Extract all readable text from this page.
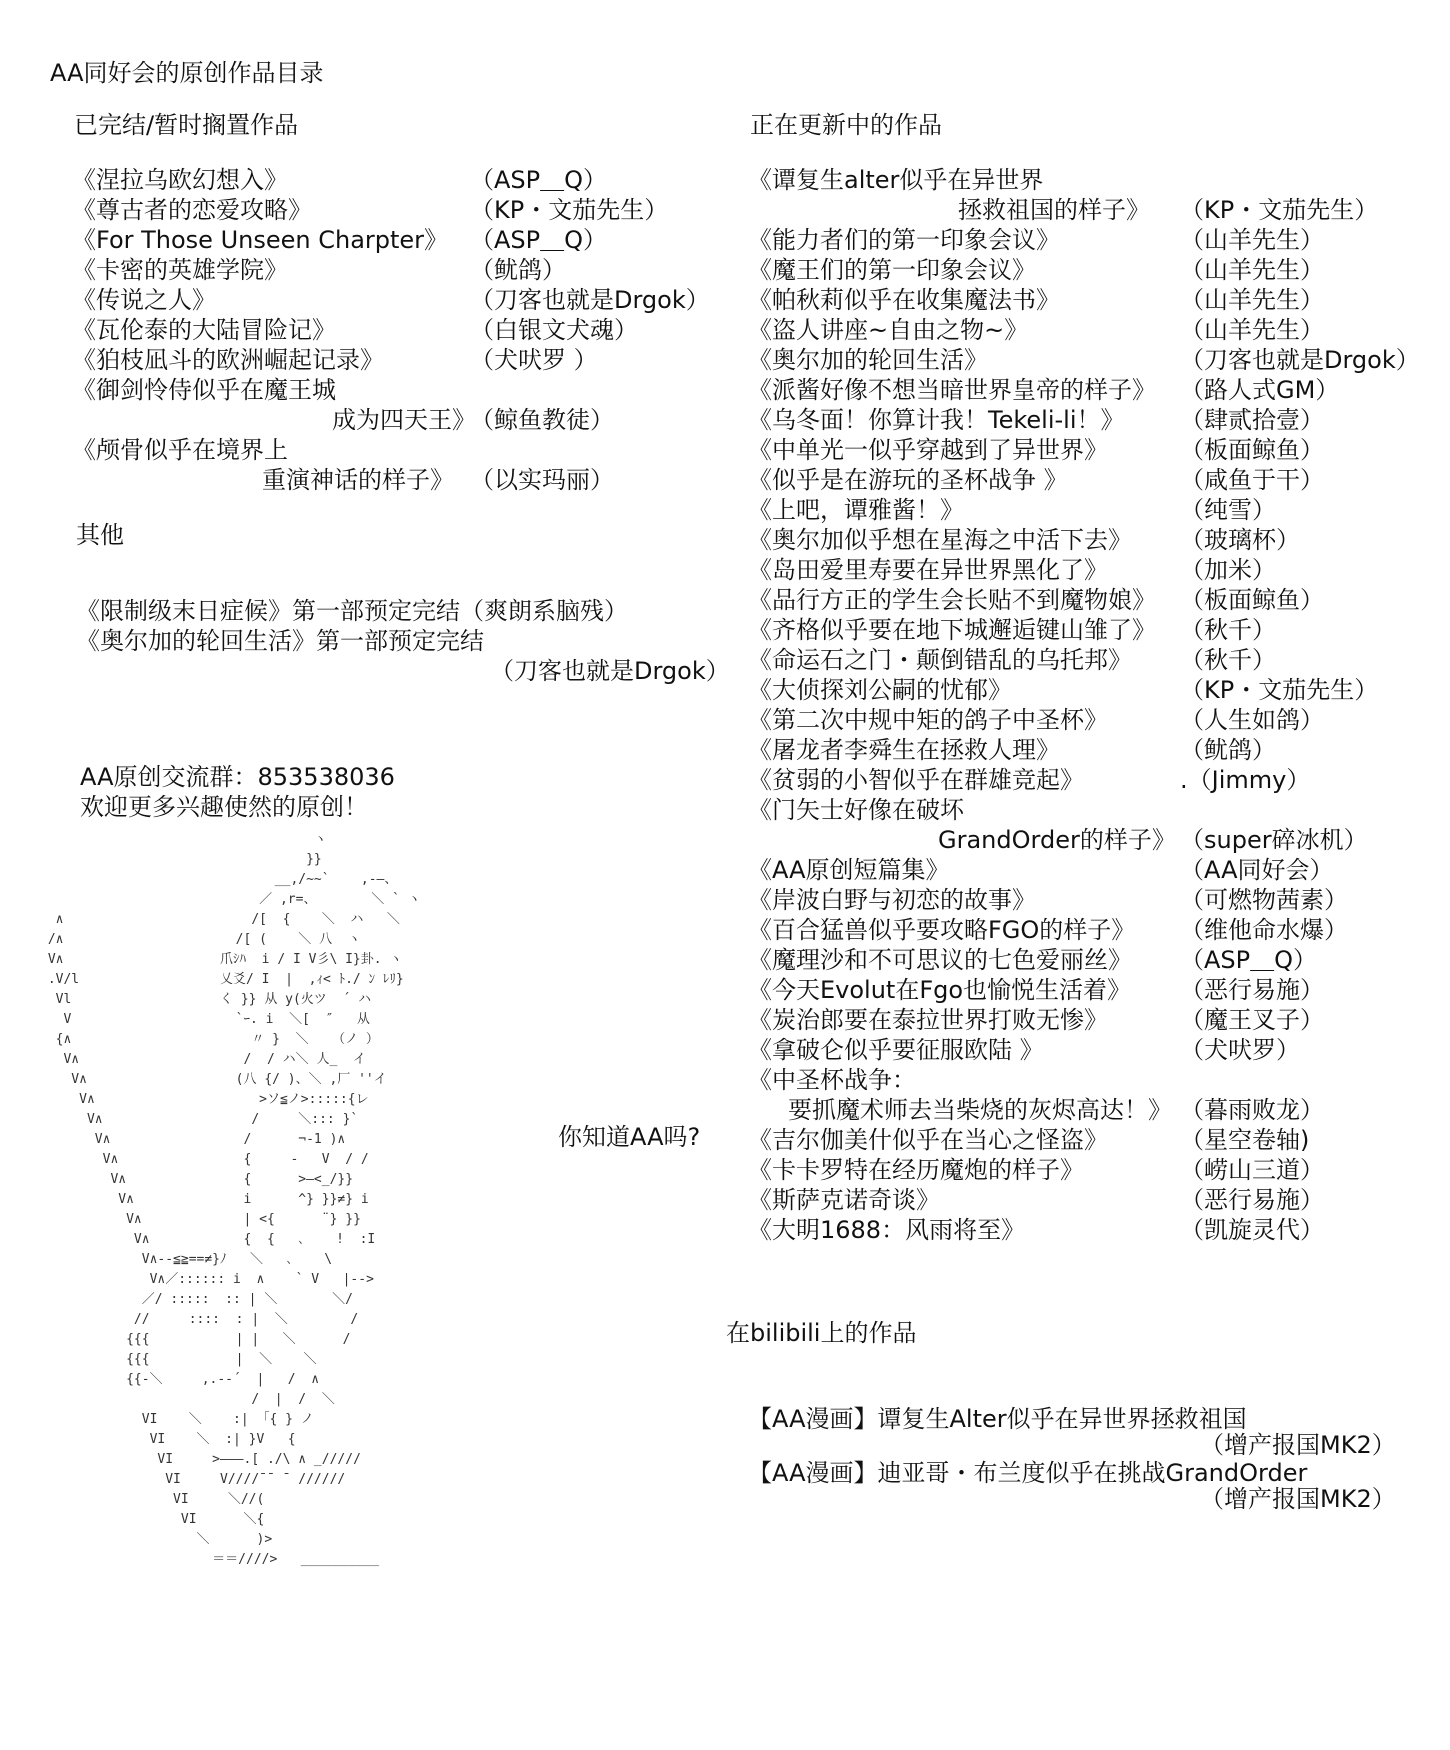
AA同好会的原创作品目录
已完结/暂时搁置作品
《涅拉乌欧幻想入》	（ASP＿Q）
《尊古者的恋爱攻略》	（KP・文茄先生）
《For Those Unseen Charpter》 （ASP＿Q）
《卡密的英雄学院》	（鱿鸽）
《传说之人》	（刀客也就是Drgok）
《瓦伦泰的大陆冒险记》	（白银文犬魂）
《狛枝凪斗的欧洲崛起记录》	（犬吠罗 ）
《御剑怜侍似乎在魔王城
成为四天王》
（鲸鱼教徒）
《颅骨似乎在境界上
重演神话的样子》 （以实玛丽）
其他
《限制级末日症候》第一部预定完结（爽朗系脑残）
《奥尔加的轮回生活》第一部预定完结
（刀客也就是Drgok）
AA原创交流群：853538036
欢迎更多兴趣使然的原创！
ヽ
}}
__,/~~`    ,-―、
／ ,r=、       ＼ ` ヽ
∧                        /[  {    ＼  ハ   ＼
/∧                      /[ (    ＼ 八  ヽ
V∧                    爪ｼﾊ  i / I V彡\ I}卦. ヽ
.V/l                  乂爻/ I  |  ,ｨ< ﾄ./ ﾝ ﾚﾘ}
Vl                   く }} 从 y(火ツ  ´ ハ
V                     `ｰ. i  ＼[  ″   从
{∧                       〃 }  ＼   （ノ ）
V∧                     /  / ハ＼ 人_  イ
V∧                   (八 {/ )、＼ ,厂 ''イ
V∧                     >ソ≦ノ>:::::{レ
V∧                   /     ＼::: }`
V∧                 /      ¬-1 )∧
V∧                {     -   V  / /
V∧               {      >―<_/}}
V∧              i      ^} }}≠} i
V∧             | <{      ¨} }}
V∧            {  {   ､    !  :I
V∧--≦≧==≠}ﾉ   ＼   ､    \
V∧／:::::: i  ∧    ` V   |-->
／/ :::::  :: | ＼       ＼/
//     ::::  : |  ＼        /
{{{           | |   ＼      /
{{{           |  ＼    ＼
{{-＼     ,.--´  |   /  ∧
/  |  /  ＼
VI    ＼    :| 「{ } ノ
VI    ＼  :| }V   {
VI     >―――.[ ./\ ∧ _/////
VI     V////¯¯ ¯ //////
VI     ＼//(
VI      ＼{
＼      )>
＝＝////>   __________
你知道AA吗?
正在更新中的作品
《谭复生alter似乎在异世界
拯救祖国的样子》 （KP・文茄先生）
《能力者们的第一印象会议》	（山羊先生）
《魔王们的第一印象会议》	（山羊先生）
《帕秋莉似乎在收集魔法书》	（山羊先生）
《盗人讲座~自由之物~》	（山羊先生）
《奥尔加的轮回生活》	（刀客也就是Drgok）
《派酱好像不想当暗世界皇帝的样子》 （路人式GM）
《乌冬面！你算计我！Tekeli-li！》 （肆贰拾壹）
《中单光一似乎穿越到了异世界》	（板面鲸鱼）
《似乎是在游玩的圣杯战争 》	（咸鱼于干）
《上吧，谭雅酱！》	（纯雪）
《奥尔加似乎想在星海之中活下去》 （玻璃杯）
《岛田爱里寿要在异世界黑化了》	（加米）
《品行方正的学生会长贴不到魔物娘》 （板面鲸鱼）
《齐格似乎要在地下城邂逅键山雏了》 （秋千）
《命运石之门・颠倒错乱的乌托邦》 （秋千）
《大侦探刘公嗣的忧郁》	（KP・文茄先生）
《第二次中规中矩的鸽子中圣杯》	（人生如鸽）
《屠龙者李舜生在拯救人理》	（鱿鸽）
《贫弱的小智似乎在群雄竞起》	.（Jimmy）
《门矢士好像在破坏
GrandOrder的样子》 （super碎冰机）
《AA原创短篇集》	（AA同好会）
《岸波白野与初恋的故事》	（可燃物茜素）
《百合猛兽似乎要攻略FGO的样子》 （维他命水爆）
《魔理沙和不可思议的七色爱丽丝》 （ASP＿Q）
《今天Evolut在Fgo也愉悦生活着》 （恶行易施）
《炭治郎要在泰拉世界打败无惨》	（魔王叉子）
《拿破仑似乎要征服欧陆 》	（犬吠罗）
《中圣杯战争：
要抓魔术师去当柴烧的灰烬高达！》 （暮雨败龙）
《吉尔伽美什似乎在当心之怪盗》	（星空卷轴)
《卡卡罗特在经历魔炮的样子》	（崂山三道）
《斯萨克诺奇谈》	（恶行易施）
《大明1688：风雨将至》	（凯旋灵代）
在bilibili上的作品
【AA漫画】谭复生Alter似乎在异世界拯救祖国
（增产报国MK2）
【AA漫画】迪亚哥・布兰度似乎在挑战GrandOrder
（增产报国MK2）
